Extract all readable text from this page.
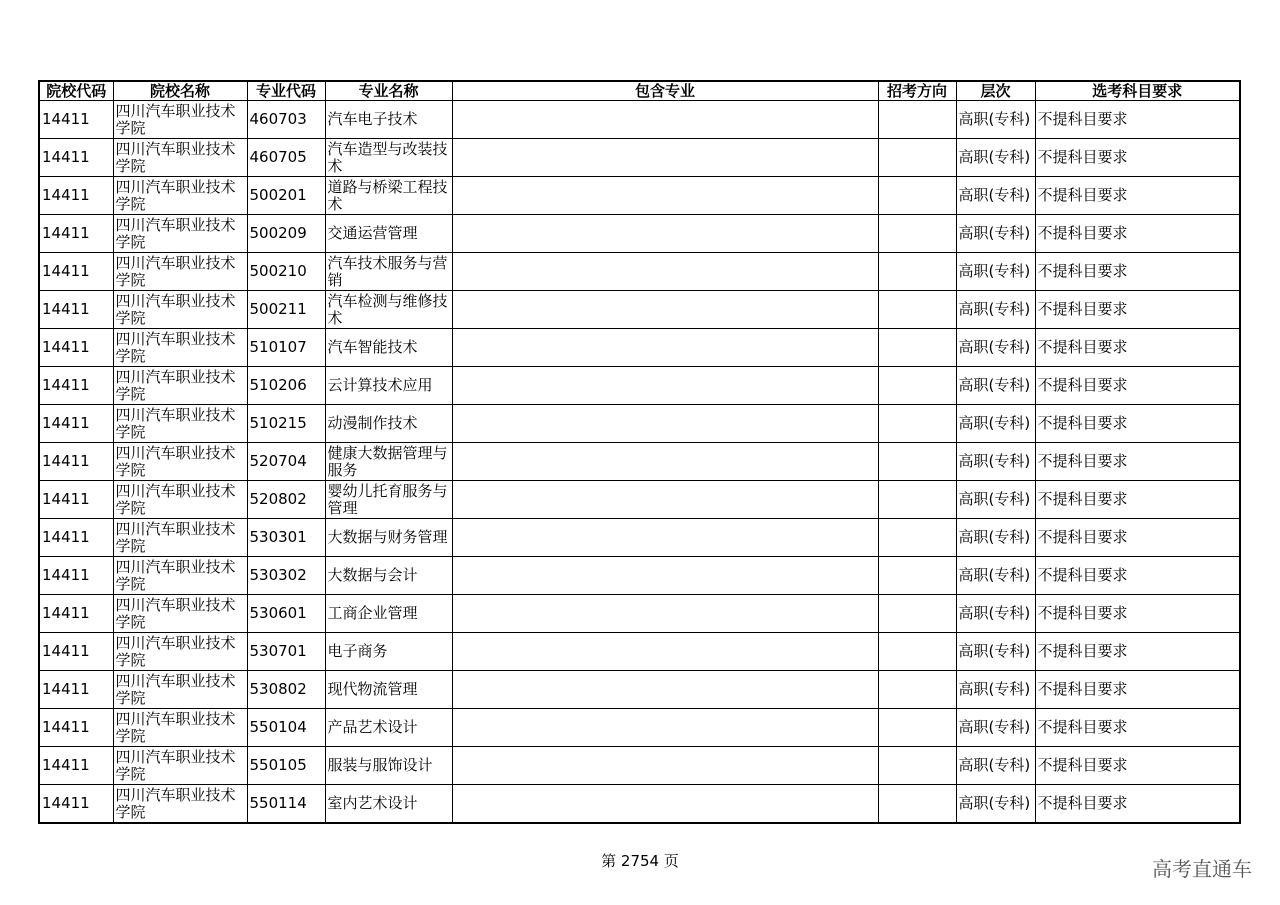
院校代码	院校名称	专业代码	专业名称	包含专业	招考方向	层次	选考科目要求
14411	四川汽车职业技术学院	460703	汽车电子技术			高职(专科)	不提科目要求
14411	四川汽车职业技术学院	460705	汽车造型与改装技术			高职(专科)	不提科目要求
14411	四川汽车职业技术学院	500201	道路与桥梁工程技术			高职(专科)	不提科目要求
14411	四川汽车职业技术学院	500209	交通运营管理			高职(专科)	不提科目要求
14411	四川汽车职业技术学院	500210	汽车技术服务与营销			高职(专科)	不提科目要求
14411	四川汽车职业技术学院	500211	汽车检测与维修技术			高职(专科)	不提科目要求
14411	四川汽车职业技术学院	510107	汽车智能技术			高职(专科)	不提科目要求
14411	四川汽车职业技术学院	510206	云计算技术应用			高职(专科)	不提科目要求
14411	四川汽车职业技术学院	510215	动漫制作技术			高职(专科)	不提科目要求
14411	四川汽车职业技术学院	520704	健康大数据管理与服务			高职(专科)	不提科目要求
14411	四川汽车职业技术学院	520802	婴幼儿托育服务与管理			高职(专科)	不提科目要求
14411	四川汽车职业技术学院	530301	大数据与财务管理			高职(专科)	不提科目要求
14411	四川汽车职业技术学院	530302	大数据与会计			高职(专科)	不提科目要求
14411	四川汽车职业技术学院	530601	工商企业管理			高职(专科)	不提科目要求
14411	四川汽车职业技术学院	530701	电子商务			高职(专科)	不提科目要求
14411	四川汽车职业技术学院	530802	现代物流管理			高职(专科)	不提科目要求
14411	四川汽车职业技术学院	550104	产品艺术设计			高职(专科)	不提科目要求
14411	四川汽车职业技术学院	550105	服装与服饰设计			高职(专科)	不提科目要求
14411	四川汽车职业技术学院	550114	室内艺术设计			高职(专科)	不提科目要求
第 2754 页	高考直通车
